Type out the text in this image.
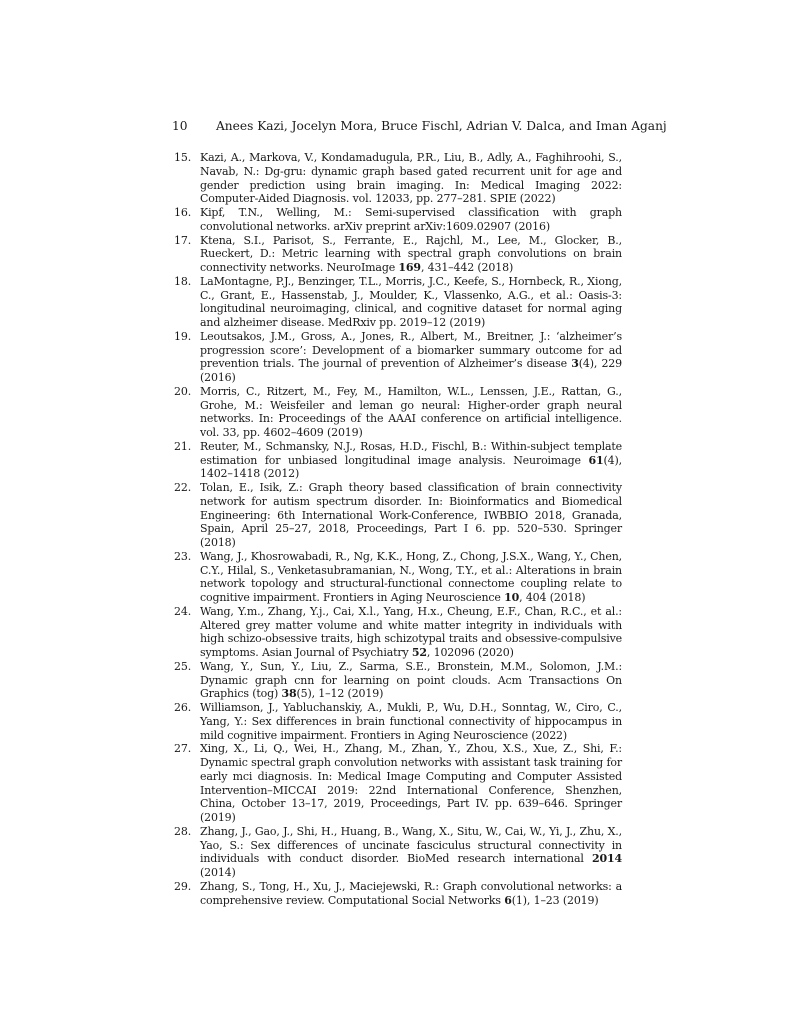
10 Anees Kazi, Jocelyn Mora, Bruce Fischl, Adrian V. Dalca, and Iman Aganj
15. Kazi, A., Markova, V., Kondamadugula, P.R., Liu, B., Adly, A., Faghihroohi, S., Navab, N.: Dg-gru: dynamic graph based gated recurrent unit for age and gender prediction using brain imaging. In: Medical Imaging 2022: Computer-Aided Diagnosis. vol. 12033, pp. 277–281. SPIE (2022)
16. Kipf, T.N., Welling, M.: Semi-supervised classification with graph convolutional networks. arXiv preprint arXiv:1609.02907 (2016)
17. Ktena, S.I., Parisot, S., Ferrante, E., Rajchl, M., Lee, M., Glocker, B., Rueckert, D.: Metric learning with spectral graph convolutions on brain connectivity networks. NeuroImage 169, 431–442 (2018)
18. LaMontagne, P.J., Benzinger, T.L., Morris, J.C., Keefe, S., Hornbeck, R., Xiong, C., Grant, E., Hassenstab, J., Moulder, K., Vlassenko, A.G., et al.: Oasis-3: longitudinal neuroimaging, clinical, and cognitive dataset for normal aging and alzheimer disease. MedRxiv pp. 2019–12 (2019)
19. Leoutsakos, J.M., Gross, A., Jones, R., Albert, M., Breitner, J.: ‘alzheimer’s progression score’: Development of a biomarker summary outcome for ad prevention trials. The journal of prevention of Alzheimer’s disease 3(4), 229 (2016)
20. Morris, C., Ritzert, M., Fey, M., Hamilton, W.L., Lenssen, J.E., Rattan, G., Grohe, M.: Weisfeiler and leman go neural: Higher-order graph neural networks. In: Proceedings of the AAAI conference on artificial intelligence. vol. 33, pp. 4602–4609 (2019)
21. Reuter, M., Schmansky, N.J., Rosas, H.D., Fischl, B.: Within-subject template estimation for unbiased longitudinal image analysis. Neuroimage 61(4), 1402–1418 (2012)
22. Tolan, E., Isik, Z.: Graph theory based classification of brain connectivity network for autism spectrum disorder. In: Bioinformatics and Biomedical Engineering: 6th International Work-Conference, IWBBIO 2018, Granada, Spain, April 25–27, 2018, Proceedings, Part I 6. pp. 520–530. Springer (2018)
23. Wang, J., Khosrowabadi, R., Ng, K.K., Hong, Z., Chong, J.S.X., Wang, Y., Chen, C.Y., Hilal, S., Venketasubramanian, N., Wong, T.Y., et al.: Alterations in brain network topology and structural-functional connectome coupling relate to cognitive impairment. Frontiers in Aging Neuroscience 10, 404 (2018)
24. Wang, Y.m., Zhang, Y.j., Cai, X.l., Yang, H.x., Cheung, E.F., Chan, R.C., et al.: Altered grey matter volume and white matter integrity in individuals with high schizo-obsessive traits, high schizotypal traits and obsessive-compulsive symptoms. Asian Journal of Psychiatry 52, 102096 (2020)
25. Wang, Y., Sun, Y., Liu, Z., Sarma, S.E., Bronstein, M.M., Solomon, J.M.: Dynamic graph cnn for learning on point clouds. Acm Transactions On Graphics (tog) 38(5), 1–12 (2019)
26. Williamson, J., Yabluchanskiy, A., Mukli, P., Wu, D.H., Sonntag, W., Ciro, C., Yang, Y.: Sex differences in brain functional connectivity of hippocampus in mild cognitive impairment. Frontiers in Aging Neuroscience (2022)
27. Xing, X., Li, Q., Wei, H., Zhang, M., Zhan, Y., Zhou, X.S., Xue, Z., Shi, F.: Dynamic spectral graph convolution networks with assistant task training for early mci diagnosis. In: Medical Image Computing and Computer Assisted Intervention–MICCAI 2019: 22nd International Conference, Shenzhen, China, October 13–17, 2019, Proceedings, Part IV. pp. 639–646. Springer (2019)
28. Zhang, J., Gao, J., Shi, H., Huang, B., Wang, X., Situ, W., Cai, W., Yi, J., Zhu, X., Yao, S.: Sex differences of uncinate fasciculus structural connectivity in individuals with conduct disorder. BioMed research international 2014 (2014)
29. Zhang, S., Tong, H., Xu, J., Maciejewski, R.: Graph convolutional networks: a comprehensive review. Computational Social Networks 6(1), 1–23 (2019)
